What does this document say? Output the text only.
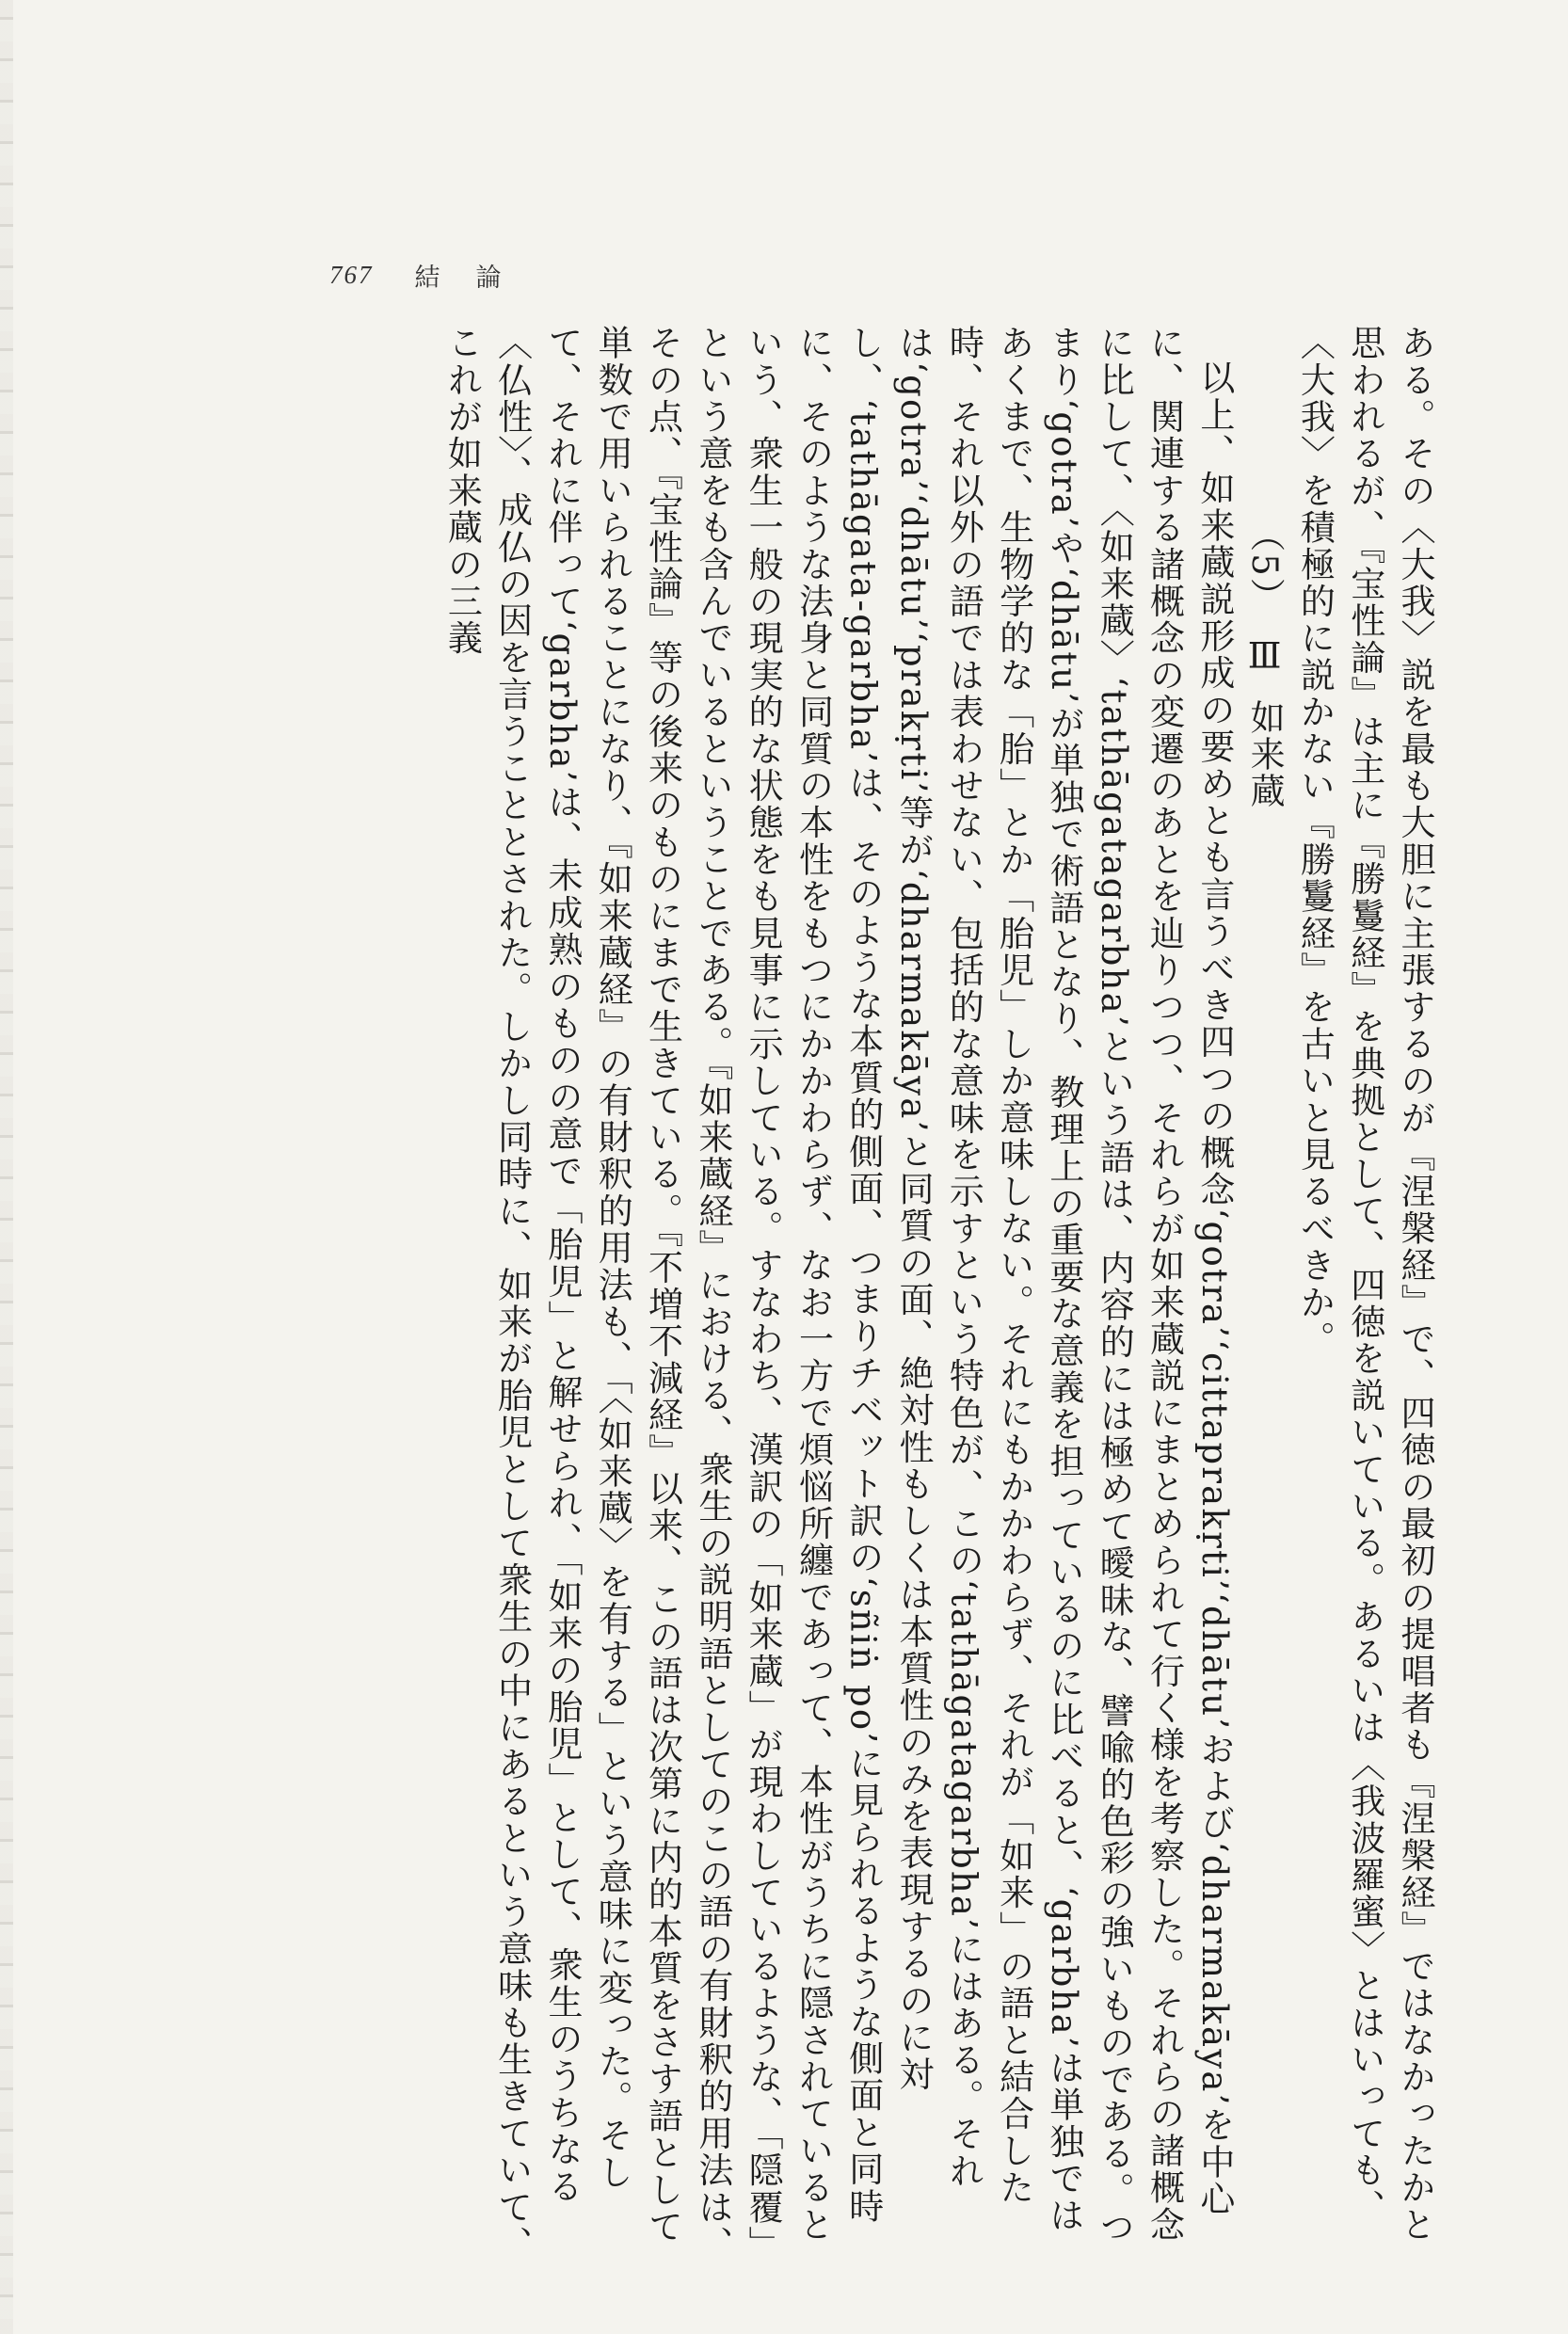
767 結論

ある。その〈大我〉説を最も大胆に主張するのが『涅槃経』で、四徳の最初の提唱者も『涅槃経』ではなかったかと思われるが、『宝性論』は主に『勝鬘経』を典拠として、四徳を説いている。あるいは〈我波羅蜜〉とはいっても、〈大我〉を積極的に説かない『勝鬘経』を古いと見るべきか。

（5）Ⅲ如来蔵

以上、如来蔵説形成の要めとも言うべき四つの概念‘gotra’‘cittaprakṛti’‘dhātu’および‘dharmakāya’を中心に、関連する諸概念の変遷のあとを辿りつつ、それらが如来蔵説にまとめられて行く様を考察した。それらの諸概念に比して、〈如来蔵〉‘tathāgatagarbha’という語は、内容的には極めて曖昧な、譬喩的色彩の強いものである。つまり‘gotra’や‘dhātu’が単独で術語となり、教理上の重要な意義を担っているのに比べると、‘garbha’は単独ではあくまで、生物学的な「胎」とか「胎児」しか意味しない。それにもかかわらず、それが「如来」の語と結合した時、それ以外の語では表わせない、包括的な意味を示すという特色が、この‘tathāgatagarbha’にはある。それは‘gotra’‘dhātu’‘prakṛti’等が‘dharmakāya’と同質の面、絶対性もしくは本質性のみを表現するのに対し、‘tathāgata-garbha’は、そのような本質的側面、つまりチベット訳の‘sñiṅ po’に見られるような側面と同時に、そのような法身と同質の本性をもつにかかわらず、なお一方で煩悩所纏であって、本性がうちに隠されているという、衆生一般の現実的な状態をも見事に示している。すなわち、漢訳の「如来蔵」が現わしているような、「隠覆」という意をも含んでいるということである。『如来蔵経』における、衆生の説明語としてのこの語の有財釈的用法は、その点、『宝性論』等の後来のものにまで生きている。『不増不減経』以来、この語は次第に内的本質をさす語として単数で用いられることになり、『如来蔵経』の有財釈的用法も、「〈如来蔵〉を有する」という意味に変った。そして、それに伴って‘garbha’は、未成熟のものの意で「胎児」と解せられ、「如来の胎児」として、衆生のうちなる〈仏性〉、成仏の因を言うこととされた。しかし同時に、如来が胎児として衆生の中にあるという意味も生きていて、これが如来蔵の三義
